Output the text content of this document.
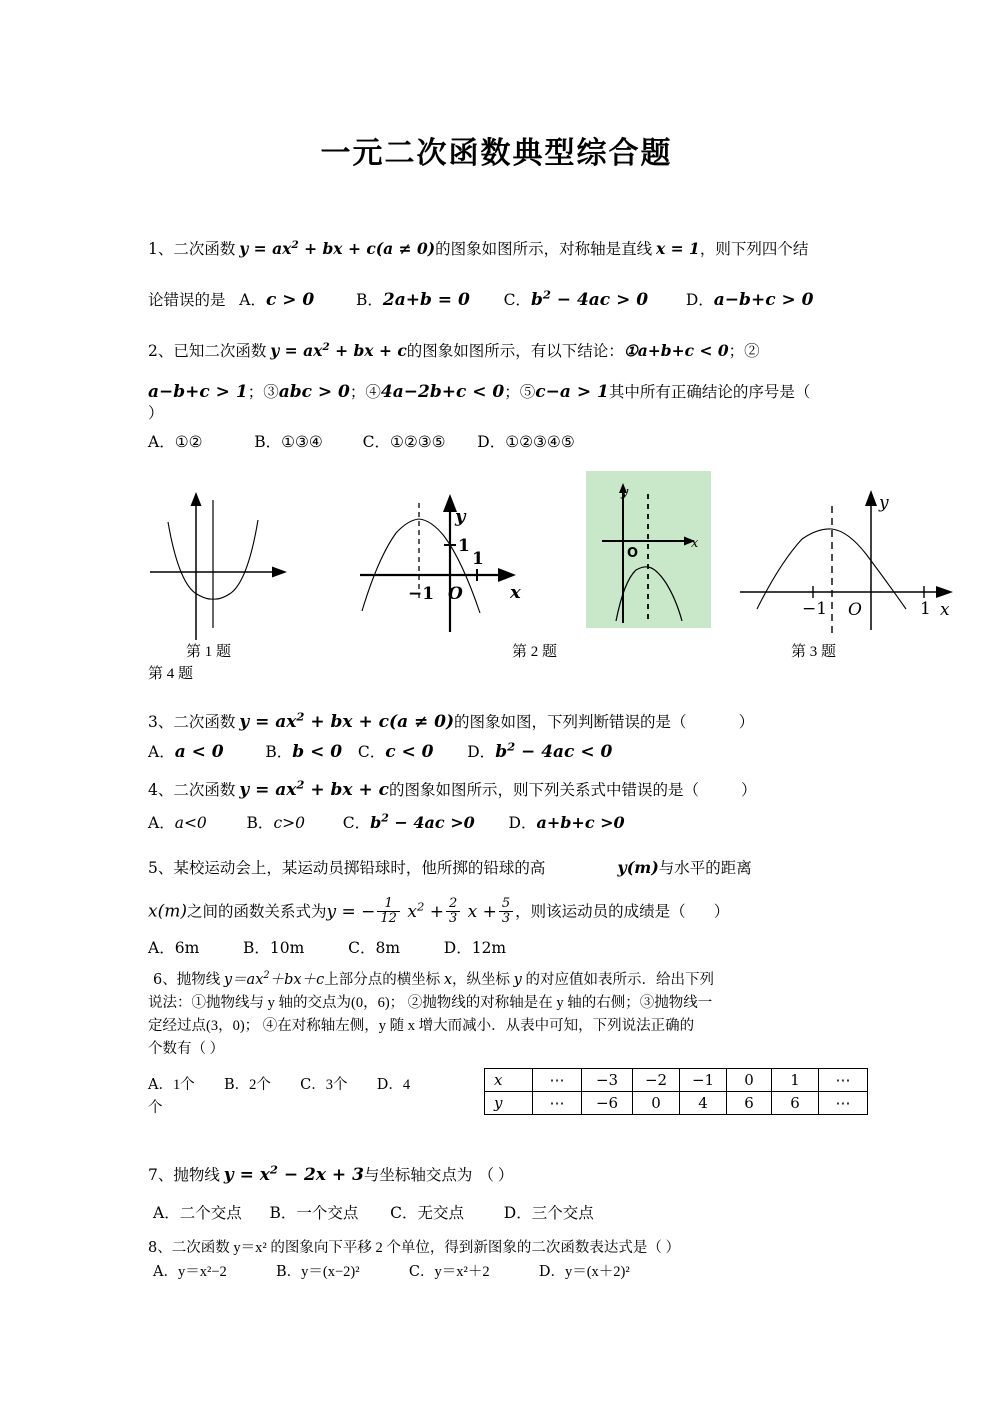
一元二次函数典型综合题
1、二次函数 $y = ax^2$ + bx + c(a ≠ 0)的图象如图所示，对称轴是直线 x = 1，则下列四个结
论错误的是 A．c > 0	B．2a+b = 0 C．$b^2 - 4ac > 0$ D．a−b+c > 0
2、已知二次函数 $y = ax^2$ + bx + c的图象如图所示，有以下结论：①a+b+c < 0；②
a−b+c > 1；③abc > 0；④4a−2b+c < 0；⑤c−a > 1其中所有正确结论的序号是（
）
A．①②	B．①③④	C．①②③⑤ D．①②③④⑤
第 1 题
y
x
O
−1
1
1
第 2 题
y
x
O
y
x
O
−1	1
第 3 题
第 4 题
3、二次函数 $y = ax^2$ + bx + c(a ≠ 0)的图象如图，下列判断错误的是（	）
A．a < 0	B．b < 0 C．c < 0 D．$b^2 - 4ac < 0$
4、二次函数 $y = ax^2$ + bx + c的图象如图所示，则下列关系式中错误的是（	）
A．a<0	B．c>0 C．$b^2 - 4ac >0$ D．a+b+c >0
5、某校运动会上，某运动员掷铅球时，他所掷的铅球的高	y(m)与水平的距离
x(m)之间的函数关系式为y = − $\frac{1}{12} x^2 + \frac{2}{3}$ $x + \frac{5}{3}$ ，则该运动员的成绩是（ ）
A．6m	B．10m	C．8m	D．12m
6、抛物线 $y=ax^2+bx+c$上部分点的横坐标 x，纵坐标 y 的对应值如表所示．给出下列
说法：①抛物线与 y 轴的交点为(0，6)； ②抛物线的对称轴是在 y 轴的右侧；③抛物线一
定经过点(3，0)； ④在对称轴左侧，y 随 x 增大而减小．从表中可知，下列说法正确的
个数有（ ）
A．1个 B．2个 C．3个 D．4
个
x	⋯	−3	−2	−1	0	1	⋯
y	⋯	−6	0	4	6	6	⋯
7、抛物线 $y = x^2 - 2x + 3$与坐标轴交点为 （ ）
A．二个交点 B．一个交点 C．无交点	D．三个交点
8、二次函数 y＝x² 的图象向下平移 2 个单位，得到新图象的二次函数表达式是（ ）
A．y＝x²−2	B．y＝(x−2)²	C．y＝x²＋2	D．y＝(x＋2)²
